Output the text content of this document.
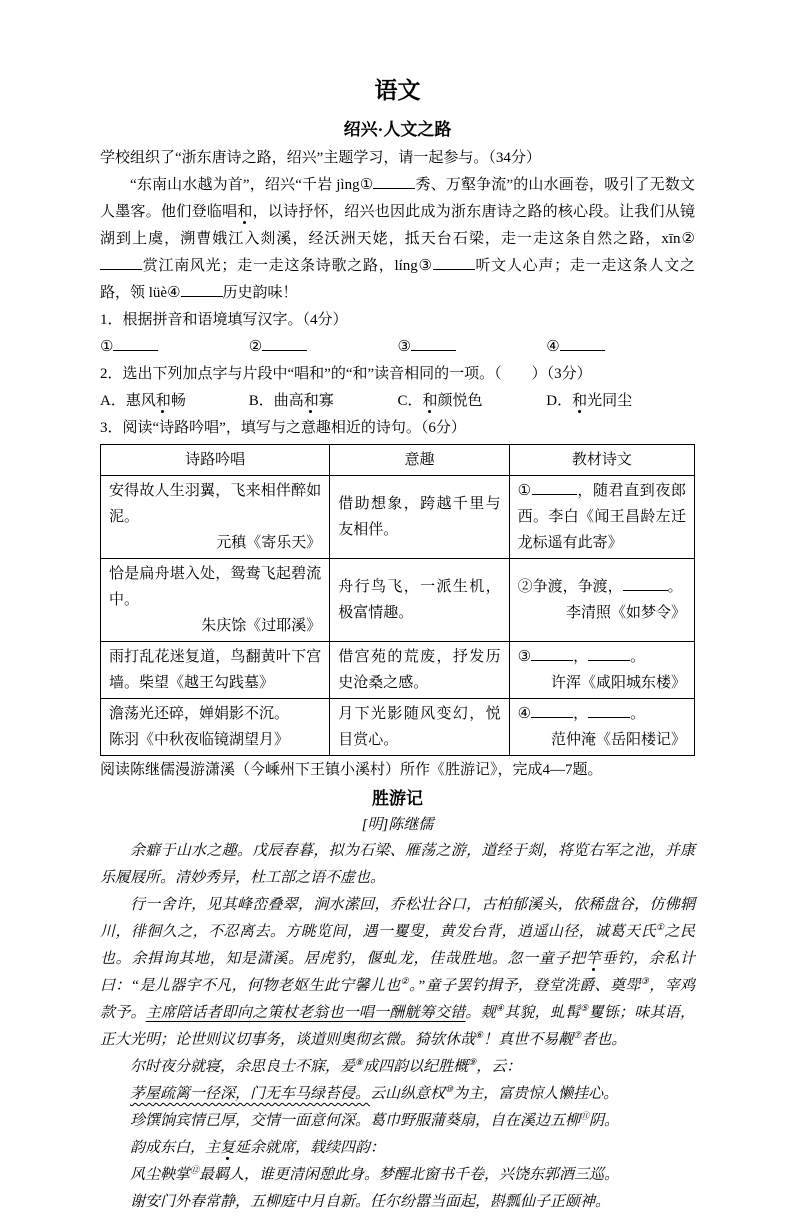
语文
绍兴·人文之路

学校组织了“浙东唐诗之路，绍兴”主题学习，请一起参与。（34分）

“东南山水越为首”，绍兴“千岩 jìng①	秀、万壑争流”的山水画卷，吸引了无数文人墨客。他们登临唱和，以诗抒怀，绍兴也因此成为浙东唐诗之路的核心段。让我们从镜湖到上虞，溯曹娥江入剡溪，经沃洲天姥，抵天台石梁，走一走这条自然之路，xīn②赏江南风光；走一走这条诗歌之路，líng③	听文人心声；走一走这条人文之路，领 lüè④	历史韵味！

1．根据拼音和语境填写汉字。（4分）

①	②	③	④

2．选出下列加点字与片段中“唱和”的“和”读音相同的一项。（　　）（3分）

A．惠风和畅	B．曲高和寡	C．和颜悦色	D．和光同尘

3．阅读“诗路吟唱”，填写与之意趣相近的诗句。（6分）

诗路吟唱	意趣	教材诗文
安得故人生羽翼，飞来相伴醉如泥。
元稹《寄乐天》	借助想象，跨越千里与友相伴。	① ，随君直到夜郎西。李白《闻王昌龄左迁龙标遥有此寄》
恰是扁舟堪入处，鸳鸯飞起碧流中。
朱庆馀《过耶溪》	舟行鸟飞，一派生机，极富情趣。	②争渡，争渡， 。
李清照《如梦令》

雨打乱花迷复道，鸟翻黄叶下宫墙。柴望《越王勾践墓》	借宫苑的荒废，抒发历史沧桑之感。	③ ， 。
许浑《咸阳城东楼》

澹荡光还碎，婵娟影不沉。
陈羽《中秋夜临镜湖望月》	月下光影随风变幻，悦目赏心。	④ ， 。
范仲淹《岳阳楼记》

阅读陈继儒漫游潇溪（今嵊州下王镇小溪村）所作《胜游记》，完成4—7题。

胜游记
[明]陈继儒

余癖于山水之趣。戊辰春暮，拟为石梁、雁荡之游，道经于剡，将览右军之池，并康乐履屐所。清妙秀异，杜工部之语不虚也。

行一舍许，见其峰峦叠翠，涧水潆回，乔松壮谷口，古柏郁溪头，依稀盘谷，仿佛辋川，徘徊久之，不忍离去。方眺览间，遇一矍叟，黄发台背，逍遥山径，诚葛天氏①之民也。余揖询其地，知是潇溪。居虎豹，偃虬龙，佳哉胜地。忽一童子把竿垂钓，余私计曰：“是儿器宇不凡，何物老妪生此宁馨儿也②。”童子罢钓揖予，登堂洗爵、奠斝③，宰鸡款予。主席陪话者即向之策杖老翁也一唱一酬觥筹交错。觌④其貌，虬髯⑤矍铄；味其语，正大光明；论世则议切事务，谈道则奥彻玄微。猗欤休哉⑥！真世不易觏⑦者也。

尔时夜分就寝，余思良士不寐，爰⑧成四韵以纪胜概⑨，云：

茅屋疏篱一径深，门无车马绿苔侵。云山纵意权⑩为主，富贵惊人懒挂心。

珍馔饷宾情已厚，交情一面意何深。葛巾野服蒲葵扇，自在溪边五柳⑪阴。

韵成东白，主复延余就席，载续四韵：

风尘鞅掌⑫最羁人，谁更清闲憩此身。梦醒北窗书千卷，兴饶东郭酒三巡。

谢安门外春常静，五柳庭中月自新。任尔纷嚣当面起，斟瓢仙子正颐神。
